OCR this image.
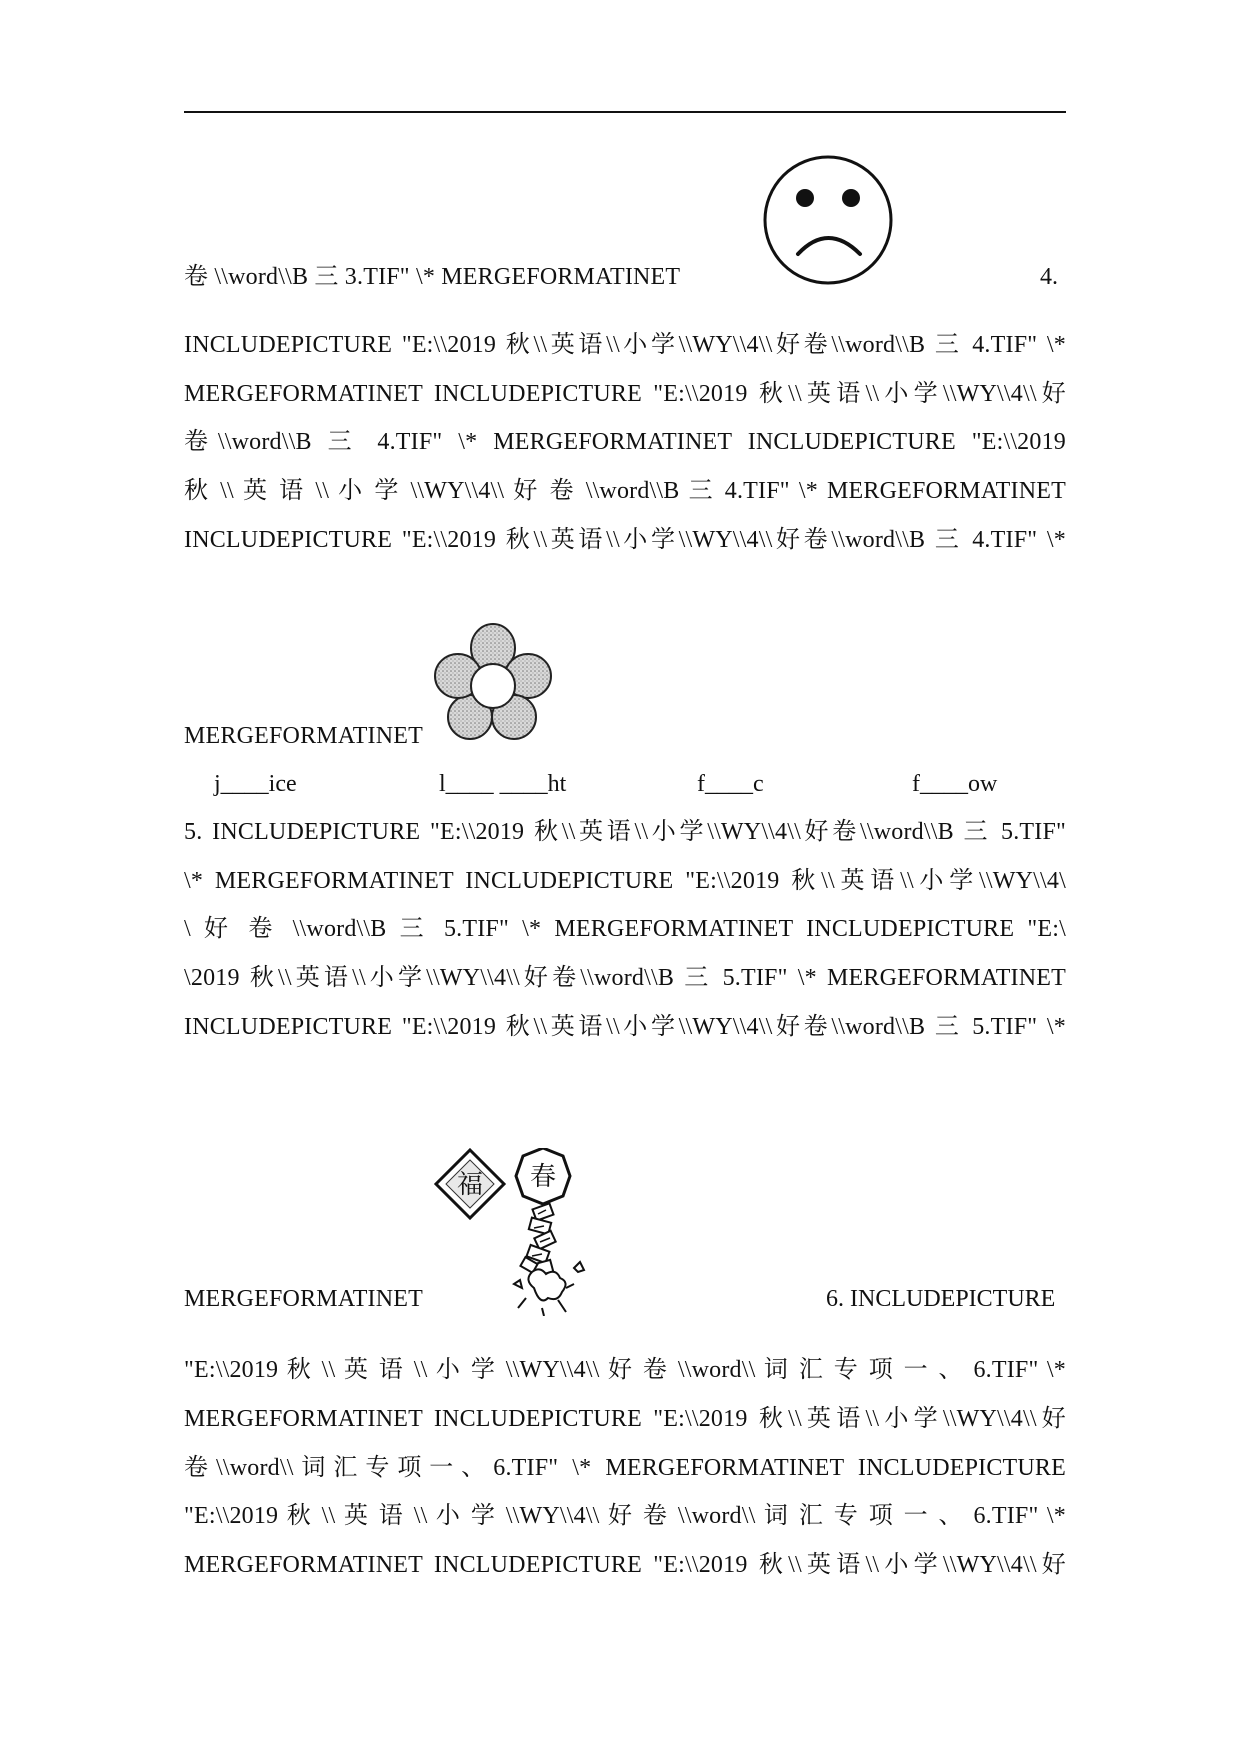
卷 \\word\\B 三 3.TIF" \* MERGEFORMATINET	4.
INCLUDEPICTURE "E:\\2019 秋\\英语\\小学\\WY\\4\\好卷\\word\\B 三 4.TIF" \*
MERGEFORMATINET INCLUDEPICTURE "E:\\2019 秋\\英语\\小学\\WY\\4\\好
卷\\word\\B 三 4.TIF" \* MERGEFORMATINET INCLUDEPICTURE "E:\\2019
秋 \\ 英 语 \\ 小 学 \\WY\\4\\ 好 卷 \\word\\B 三 4.TIF" \* MERGEFORMATINET
INCLUDEPICTURE "E:\\2019 秋\\英语\\小学\\WY\\4\\好卷\\word\\B 三 4.TIF" \*
MERGEFORMATINET
j____ice	l____ ____ht	f____c	f____ow
5. INCLUDEPICTURE "E:\\2019 秋\\英语\\小学\\WY\\4\\好卷\\word\\B 三 5.TIF"
\* MERGEFORMATINET INCLUDEPICTURE "E:\\2019 秋\\英语\\小学\\WY\\4\
\ 好 卷 \\word\\B 三 5.TIF" \* MERGEFORMATINET INCLUDEPICTURE "E:\
\2019 秋\\英语\\小学\\WY\\4\\好卷\\word\\B 三 5.TIF" \* MERGEFORMATINET
INCLUDEPICTURE "E:\\2019 秋\\英语\\小学\\WY\\4\\好卷\\word\\B 三 5.TIF" \*
福 春
MERGEFORMATINET	6. INCLUDEPICTURE
"E:\\2019 秋 \\ 英 语 \\ 小 学 \\WY\\4\\ 好 卷 \\word\\ 词 汇 专 项 一 、 6.TIF" \*
MERGEFORMATINET INCLUDEPICTURE "E:\\2019 秋\\英语\\小学\\WY\\4\\好
卷\\word\\词汇专项一、6.TIF" \* MERGEFORMATINET INCLUDEPICTURE
"E:\\2019 秋 \\ 英 语 \\ 小 学 \\WY\\4\\ 好 卷 \\word\\ 词 汇 专 项 一 、 6.TIF" \*
MERGEFORMATINET INCLUDEPICTURE "E:\\2019 秋\\英语\\小学\\WY\\4\\好
